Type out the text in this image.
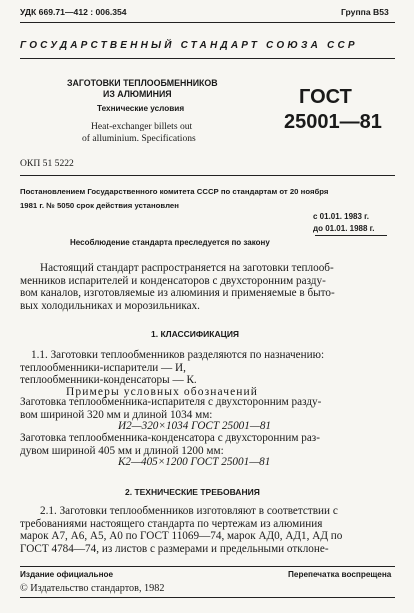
УДК 669.71—412 : 006.354	Группа В53
ГОСУДАРСТВЕННЫЙ СТАНДАРТ СОЮЗА ССР
ЗАГОТОВКИ ТЕПЛООБМЕННИКОВ
ИЗ АЛЮМИНИЯ
Технические условия
Heat-exchanger billets out
of alluminium. Specifications
ГОСТ
25001—81
ОКП 51 5222
Постановлением Государственного комитета СССР по стандартам от 20 ноября
1981 г. № 5050 срок действия установлен
с 01.01. 1983 г.
до 01.01. 1988 г.
Несоблюдение стандарта преследуется по закону
Настоящий стандарт распространяется на заготовки теплооб-
менников испарителей и конденсаторов с двухсторонним разду-
вом каналов, изготовляемые из алюминия и применяемые в быто-
вых холодильниках и морозильниках.
1. КЛАССИФИКАЦИЯ
1.1. Заготовки теплообменников разделяются по назначению:
теплообменники-испарители — И,
теплообменники-конденсаторы — К.
Примеры условных обозначений
Заготовка теплообменника-испарителя с двухсторонним разду-
вом шириной 320 мм и длиной 1034 мм:
И2—320×1034 ГОСТ 25001—81
Заготовка теплообменника-конденсатора с двухсторонним раз-
дувом шириной 405 мм и длиной 1200 мм:
К2—405×1200 ГОСТ 25001—81
2. ТЕХНИЧЕСКИЕ ТРЕБОВАНИЯ
2.1. Заготовки теплообменников изготовляют в соответствии с
требованиями настоящего стандарта по чертежам из алюминия
марок А7, А6, А5, А0 по ГОСТ 11069—74, марок АД0, АД1, АД по
ГОСТ 4784—74, из листов с размерами и предельными отклоне-
Издание официальное	Перепечатка воспрещена
© Издательство стандартов, 1982
